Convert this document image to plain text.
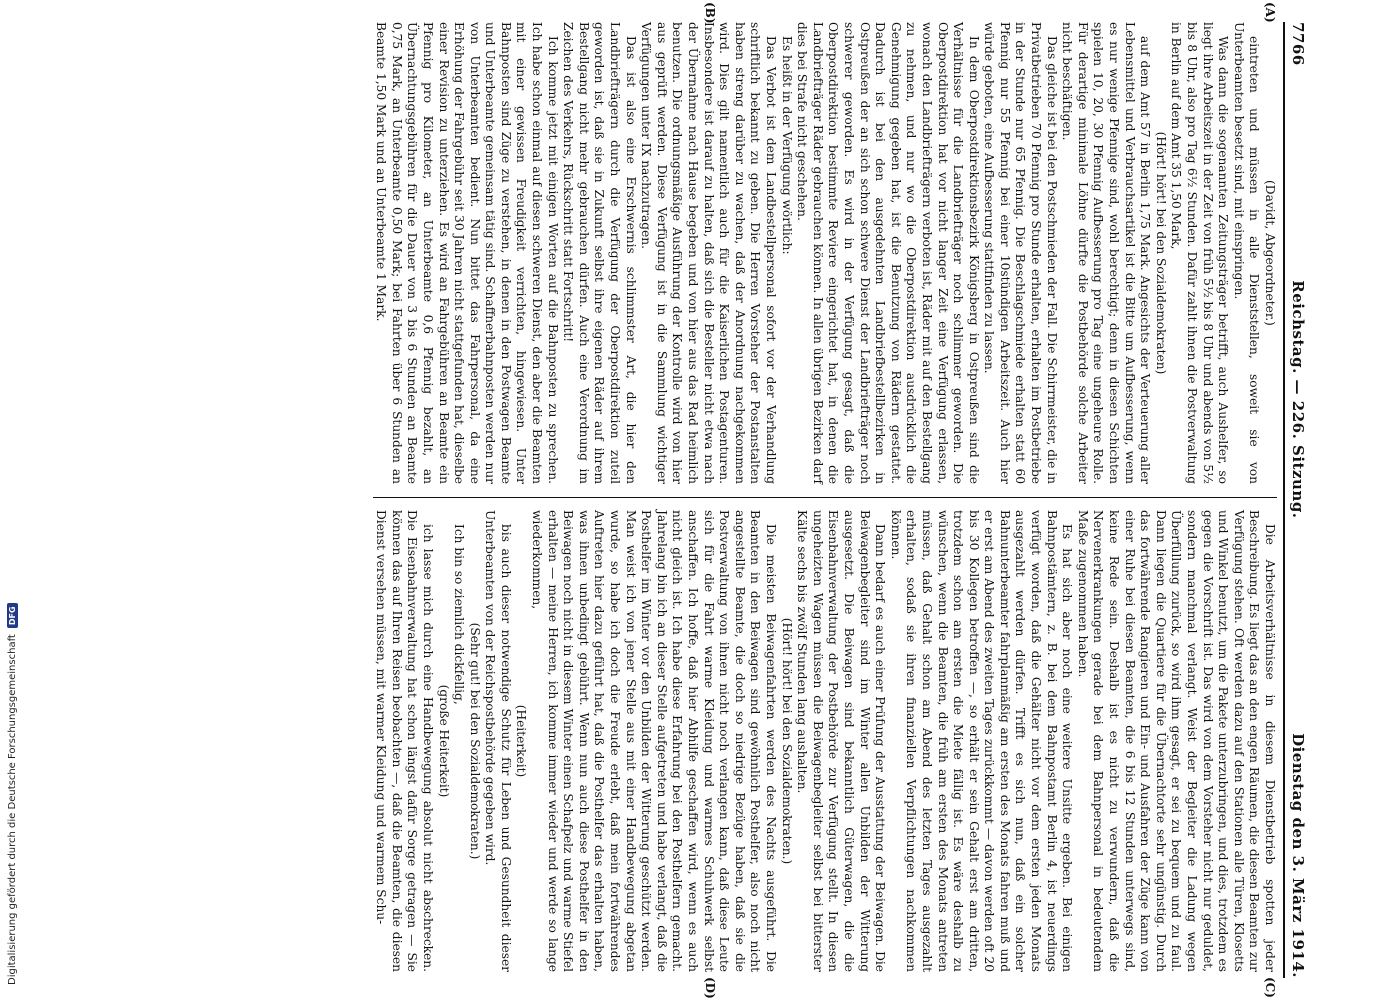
7766
Reichstag. — 226. Sitzung.
Dienstag den 3. März 1914.

(Davidt, Abgeordneter.)

eintreten und müssen in alle Dienststellen, soweit sie von Unterbeamten besetzt sind, mit einspringen.

Was dann die sogenannten Zeitungsträger betrifft, auch Aushelfer, so liegt ihre Arbeitszeit in der Zeit von früh 5½ bis 8 Uhr und abends von 5½ bis 8 Uhr, also pro Tag 6½ Stunden. Dafür zahlt ihnen die Postverwaltung in Berlin auf dem Amt 35 1,50 Mark,

(Hört! hört! bei den Sozialdemokraten)

auf dem Amt 57 in Berlin 1,75 Mark. Angesichts der Verteuerung aller Lebensmittel und Verbrauchsartikel ist die Bitte um Aufbesserung, wenn es nur wenige Pfennige sind, wohl berechtigt; denn in diesen Schichten spielen 10, 20, 30 Pfennig Aufbesserung pro Tag eine ungeheure Rolle. Für derartige minimale Löhne dürfte die Postbehörde solche Arbeiter nicht beschäftigen.

Das gleiche ist bei den Postschmieden der Fall. Die Schirrmeister, die in Privatbetrieben 70 Pfennig pro Stunde erhalten, erhalten im Postbetriebe in der Stunde nur 65 Pfennig. Die Beschlagschmiede erhalten statt 60 Pfennig nur 55 Pfennig bei einer 10stündigen Arbeitszeit. Auch hier würde geboten, eine Aufbesserung stattfinden zu lassen.

In dem Oberpostdirektionsbezirk Königsberg in Ostpreußen sind die Verhältnisse für die Landbriefträger noch schlimmer geworden. Die Oberpostdirektion hat vor nicht langer Zeit eine Verfügung erlassen, wonach den Landbriefträgern verboten ist, Räder mit auf den Bestellgang zu nehmen, und nur wo die Oberpostdirektion ausdrücklich die Genehmigung gegeben hat, ist die Benutzung von Rädern gestattet. Dadurch ist bei den ausgedehnten Landbriefbestellbezirken in Ostpreußen der an sich schon schwere Dienst der Landbriefträger noch schwerer geworden. Es wird in der Verfügung gesagt, daß die Oberpostdirektion bestimmte Reviere eingerichtet hat, in denen die Landbriefträger Räder gebrauchen können. In allen übrigen Bezirken darf dies bei Strafe nicht geschehen.

Es heißt in der Verfügung wörtlich:

Das Verbot ist dem Landbestellpersonal sofort vor der Verhandlung schriftlich bekannt zu geben. Die Herren Vorsteher der Postanstalten haben streng darüber zu wachen, daß der Anordnung nachgekommen wird. Dies gilt namentlich auch für die Kaiserlichen Postagenturen. Insbesondere ist darauf zu halten, daß sich die Besteller nicht etwa nach der Übernahme nach Hause begeben und von hier aus das Rad heimlich benutzen. Die ordnungsmäßige Ausführung der Kontrolle wird von hier aus geprüft werden. Diese Verfügung ist in die Sammlung wichtiger Verfügungen unter IX nachzutragen.

Das ist also eine Erschwernis schlimmster Art, die hier den Landbriefträgern durch die Verfügung der Oberpostdirektion zuteil geworden ist, daß sie in Zukunft selbst ihre eigenen Räder auf ihrem Bestellgang nicht mehr gebrauchen dürfen. Auch eine Verordnung im Zeichen des Verkehrs, Rückschritt statt Fortschritt!

Ich komme jetzt mit einigen Worten auf die Bahnposten zu sprechen. Ich habe schon einmal auf diesen schweren Dienst, den aber die Beamten mit einer gewissen Freudigkeit verrichten, hingewiesen. Unter Bahnposten sind Züge zu verstehen, in denen in den Postwagen Beamte und Unterbeamte gemeinsam tätig sind. Schaffnerbahnposten werden nur von Unterbeamten bedient. Nun bittet das Fahrpersonal, da eine Erhöhung der Fahrgebühr seit 30 Jahren nicht stattgefunden hat, dieselbe einer Revision zu unterziehen. Es wird an Fahrgebühren an Beamte ein Pfennig pro Kilometer, an Unterbeamte 0,6 Pfennig bezahlt, an Übernachtungsgebühren für die Dauer von 3 bis 6 Stunden an Beamte 0,75 Mark, an Unterbeamte 0,50 Mark; bei Fahrten über 6 Stunden an Beamte 1,50 Mark und an Unterbeamte 1 Mark.

Die Arbeitsverhältnisse in diesem Dienstbetrieb spotten jeder Beschreibung. Es liegt das an den engen Räumen, die diesen Beamten zur Verfügung stehen. Oft werden dazu auf den Stationen alle Türen, Klosetts und Winkel benutzt, um die Pakete unterzubringen, und dies, trotzdem es gegen die Vorschrift ist. Das wird von dem Vorsteher nicht nur geduldet, sondern manchmal verlangt. Weist der Begleiter die Ladung wegen Überfüllung zurück, so wird ihm gesagt, er sei zu bequem und zu faul. Dann liegen die Quartiere für die Übernachtorte sehr ungünstig. Durch das fortwährende Rangieren und Ein- und Ausfahren der Züge kann von einer Ruhe bei diesen Beamten, die 6 bis 12 Stunden unterwegs sind, keine Rede sein. Deshalb ist es nicht zu verwundern, daß die Nervenerkrankungen gerade bei dem Bahnpersonal in bedeutendem Maße zugenommen haben.

Es hat sich aber noch eine weitere Unsitte ergeben. Bei einigen Bahnpostämtern, z. B. bei dem Bahnpostamt Berlin 4, ist neuerdings verfügt worden, daß die Gehälter nicht vor dem ersten jeden Monats ausgezahlt werden dürfen. Trifft es sich nun, daß ein solcher Bahnunterbeamter fahrplanmäßig am ersten des Monats fahren muß und er erst am Abend des zweiten Tages zurückkommt — davon werden oft 20 bis 30 Kollegen betroffen —, so erhält er sein Gehalt erst am dritten, trotzdem schon am ersten die Miete fällig ist. Es wäre deshalb zu wünschen, wenn die Beamten, die früh am ersten des Monats antreten müssen, daß Gehalt schon am Abend des letzten Tages ausgezahlt erhalten, sodaß sie ihren finanziellen Verpflichtungen nachkommen können.

Dann bedarf es auch einer Prüfung der Ausstattung der Beiwagen. Die Beiwagenbegleiter sind im Winter allen Unbilden der Witterung ausgesetzt. Die Beiwagen sind bekanntlich Güterwagen, die die Eisenbahnverwaltung der Postbehörde zur Verfügung stellt. In diesen ungeheizten Wagen müssen die Beiwagenbegleiter selbst bei bitterster Kälte sechs bis zwölf Stunden lang aushalten.

(Hört! hört! bei den Sozialdemokraten.)

Die meisten Beiwagenfahrten werden des Nachts ausgeführt. Die Beamten in den Beiwagen sind gewöhnlich Posthelfer, also noch nicht angestellte Beamte, die doch so niedrige Bezüge haben, daß sie die Postverwaltung von ihnen nicht noch verlangen kann, daß diese Leute sich für die Fahrt warme Kleidung und warmes Schuhwerk selbst anschaffen. Ich hoffe, daß hier Abhilfe geschaffen wird, wenn es auch nicht gleich ist. Ich habe diese Erfahrung bei den Posthelfern gemacht. Jahrelang bin ich an dieser Stelle aufgetreten und habe verlangt, daß die Posthelfer im Winter vor den Unbilden der Witterung geschützt werden. Man weist ich von jener Stelle aus mit einer Handbewegung abgetan wurde, so habe ich doch die Freude erlebt, daß mein fortwährendes Auftreten hier dazu geführt hat, daß die Posthelfer das erhalten haben, was ihnen unbedingt gebührt. Wenn nun auch diese Posthelfer in den Beiwagen noch nicht in diesem Winter einen Schafpelz und warme Stiefel erhalten — meine Herren, ich komme immer wieder und werde so lange wiederkommen,

(Heiterkeit)

bis auch dieser notwendige Schutz für Leben und Gesundheit dieser Unterbeamten von der Reichspostbehörde gegeben wird.

(Sehr gut! bei den Sozialdemokraten.)

Ich bin so ziemlich dickfellig,

(große Heiterkeit)

ich lasse mich durch eine Handbewegung absolut nicht abschrecken. Die Eisenbahnverwaltung hat schon längst dafür Sorge getragen — Sie können das auf Ihren Reisen beobachten —, daß die Beamten, die diesen Dienst versehen müssen, mit warmer Kleidung und warmem Schu-

(A)
(B)
(C)
(D)
Digitalisierung gefördert durch die Deutsche Forschungsgemeinschaft
DFG
